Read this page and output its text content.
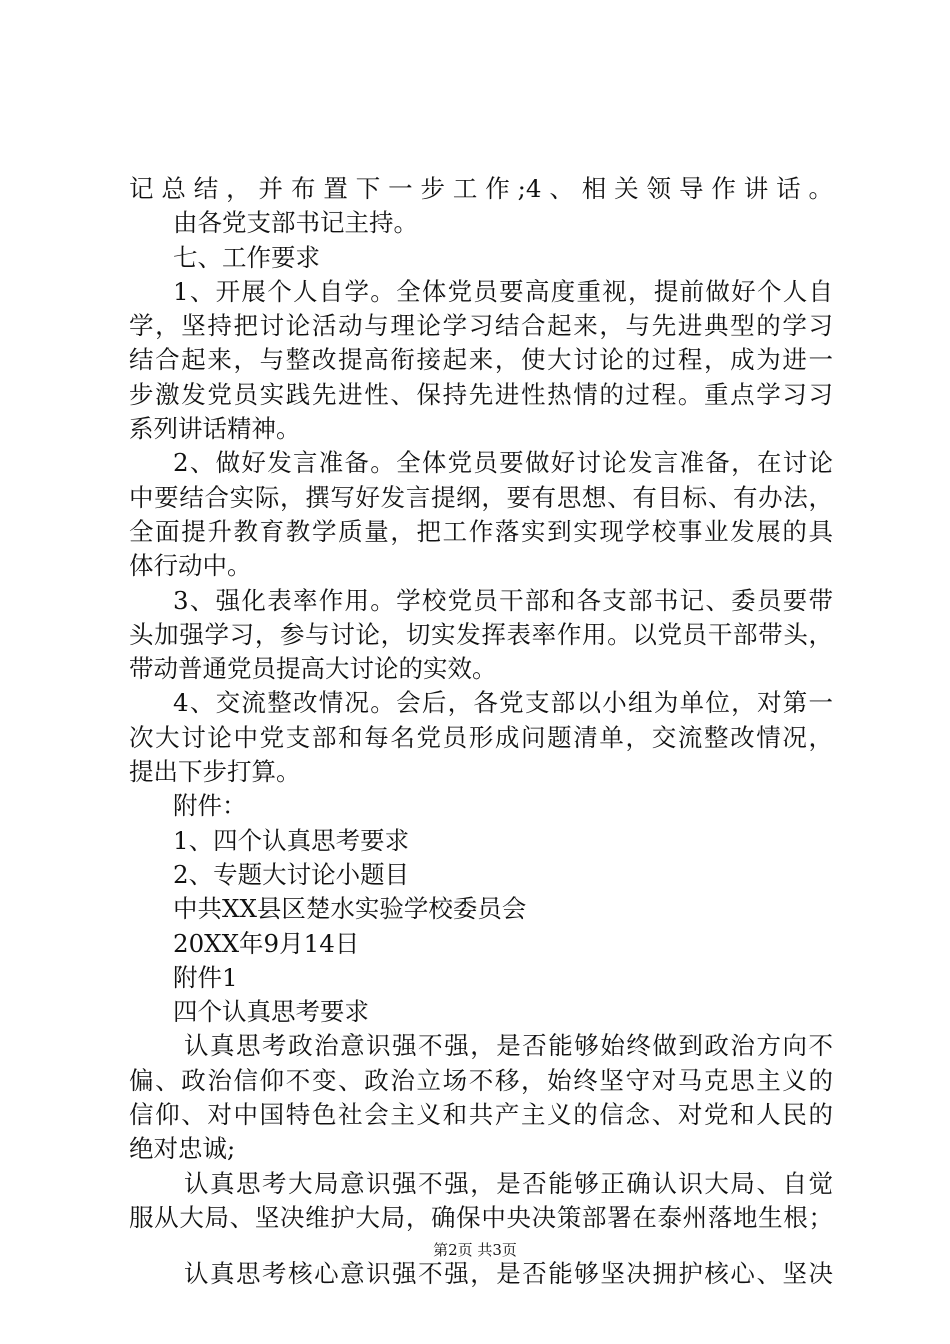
记总结，并布置下一步工作;4、相关领导作讲话。
由各党支部书记主持。
七、工作要求
1、开展个人自学。全体党员要高度重视，提前做好个人自
学，坚持把讨论活动与理论学习结合起来，与先进典型的学习
结合起来，与整改提高衔接起来，使大讨论的过程，成为进一
步激发党员实践先进性、保持先进性热情的过程。重点学习习
系列讲话精神。
2、做好发言准备。全体党员要做好讨论发言准备，在讨论
中要结合实际，撰写好发言提纲，要有思想、有目标、有办法，
全面提升教育教学质量，把工作落实到实现学校事业发展的具
体行动中。
3、强化表率作用。学校党员干部和各支部书记、委员要带
头加强学习，参与讨论，切实发挥表率作用。以党员干部带头，
带动普通党员提高大讨论的实效。
4、交流整改情况。会后，各党支部以小组为单位，对第一
次大讨论中党支部和每名党员形成问题清单，交流整改情况，
提出下步打算。
附件：
1、四个认真思考要求
2、专题大讨论小题目
中共XX县区楚水实验学校委员会
20XX年9月14日
附件1
四个认真思考要求
认真思考政治意识强不强，是否能够始终做到政治方向不
偏、政治信仰不变、政治立场不移，始终坚守对马克思主义的
信仰、对中国特色社会主义和共产主义的信念、对党和人民的
绝对忠诚;
认真思考大局意识强不强，是否能够正确认识大局、自觉
服从大局、坚决维护大局，确保中央决策部署在泰州落地生根；
认真思考核心意识强不强，是否能够坚决拥护核心、坚决
第2页 共3页
